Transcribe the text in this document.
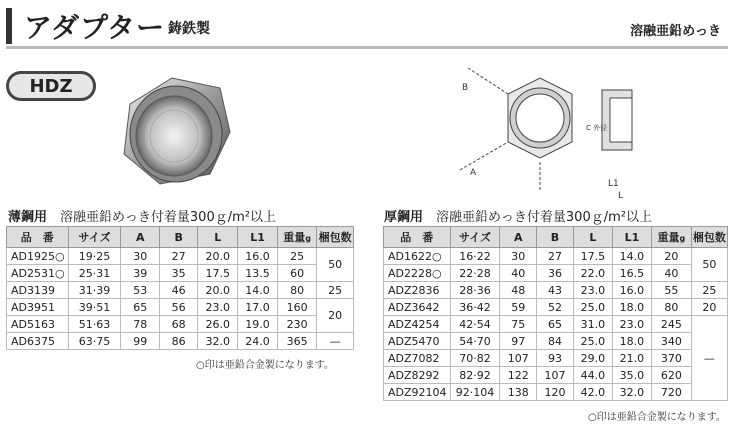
アダプター 鋳鉄製	溶融亜鉛めっき
HDZ	B
A
L1
L
C 外径
薄鋼用　 溶融亜鉛めっき付着量300ｇ/m²以上
品　番	サイズ	A	B	L	L1	重量g	梱包数
AD1925○	19·25	30	27	20.0	16.0	25	50
AD2531○	25·31	39	35	17.5	13.5	60	
AD3139	31·39	53	46	20.0	14.0	80	25
AD3951	39·51	65	56	23.0	17.0	160	20
AD5163	51·63	78	68	26.0	19.0	230	
AD6375	63·75	99	86	32.0	24.0	365	—
○印は亜鉛合金製になります。
厚鋼用　 溶融亜鉛めっき付着量300ｇ/m²以上
品　番	サイズ	A	B	L	L1	重量g	梱包数
AD1622○	16·22	30	27	17.5	14.0	20	50
AD2228○	22·28	40	36	22.0	16.5	40	
ADZ2836	28·36	48	43	23.0	16.0	55	25
ADZ3642	36·42	59	52	25.0	18.0	80	20
ADZ4254	42·54	75	65	31.0	23.0	245	—
ADZ5470	54·70	97	84	25.0	18.0	340	
ADZ7082	70·82	107	93	29.0	21.0	370	
ADZ8292	82·92	122	107	44.0	35.0	620	
ADZ92104	92·104	138	120	42.0	32.0	720	
○印は亜鉛合金製になります。
